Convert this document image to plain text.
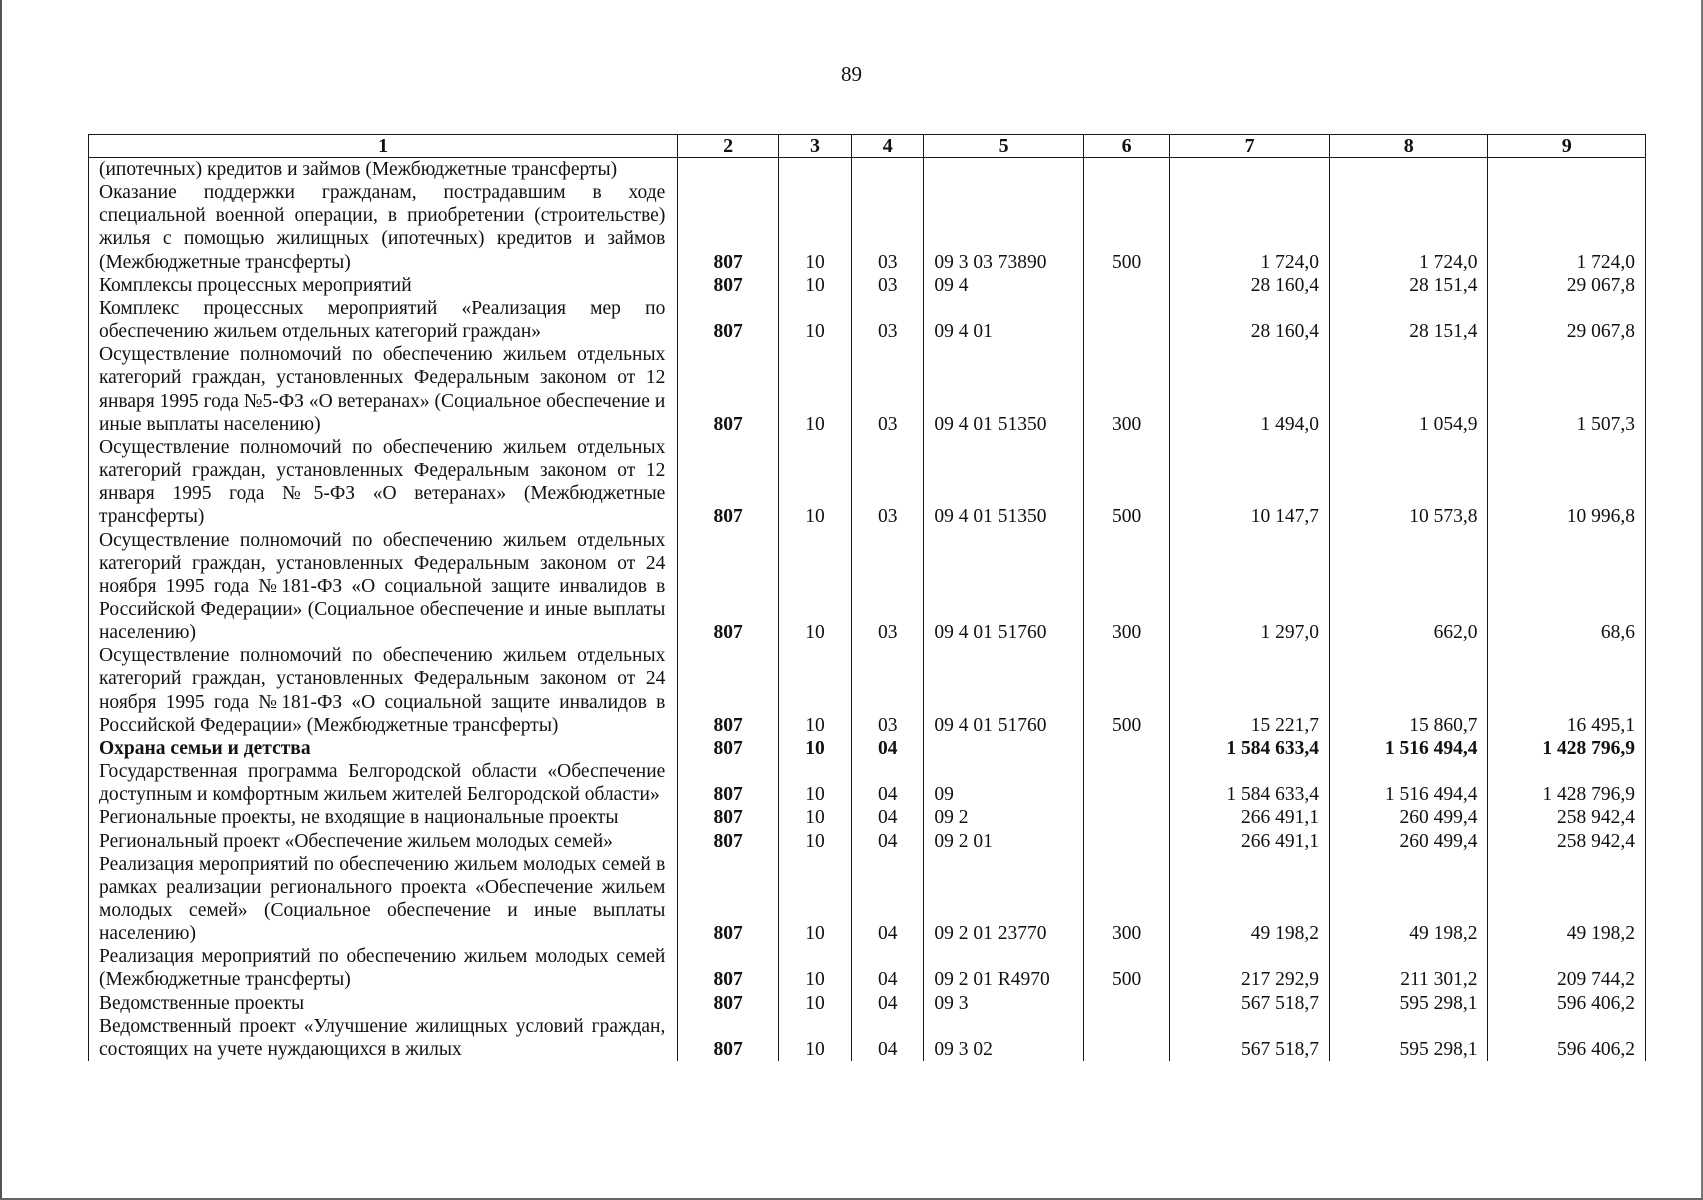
89
1	2	3	4	5	6	7	8	9
(ипотечных) кредитов и займов (Межбюджетные трансферты)								
Оказание поддержки гражданам, пострадавшим в ходе специальной военной операции, в приобретении (строительстве) жилья с помощью жилищных (ипотечных) кредитов и займов (Межбюджетные трансферты)	807	10	03	09 3 03 73890	500	1 724,0	1 724,0	1 724,0
Комплексы процессных мероприятий	807	10	03	09 4		28 160,4	28 151,4	29 067,8
Комплекс процессных мероприятий «Реализация мер по обеспечению жильем отдельных категорий граждан»	807	10	03	09 4 01		28 160,4	28 151,4	29 067,8
Осуществление полномочий по обеспечению жильем отдельных категорий граждан, установленных Федеральным законом от 12 января 1995 года №5-ФЗ «О ветеранах» (Социальное обеспечение и иные выплаты населению)	807	10	03	09 4 01 51350	300	1 494,0	1 054,9	1 507,3
Осуществление полномочий по обеспечению жильем отдельных категорий граждан, установленных Федеральным законом от 12 января 1995 года №5-ФЗ «О ветеранах» (Межбюджетные трансферты)	807	10	03	09 4 01 51350	500	10 147,7	10 573,8	10 996,8
Осуществление полномочий по обеспечению жильем отдельных категорий граждан, установленных Федеральным законом от 24 ноября 1995 года №181-ФЗ «О социальной защите инвалидов в Российской Федерации» (Социальное обеспечение и иные выплаты населению)	807	10	03	09 4 01 51760	300	1 297,0	662,0	68,6
Осуществление полномочий по обеспечению жильем отдельных категорий граждан, установленных Федеральным законом от 24 ноября 1995 года №181-ФЗ «О социальной защите инвалидов в Российской Федерации» (Межбюджетные трансферты)	807	10	03	09 4 01 51760	500	15 221,7	15 860,7	16 495,1
Охрана семьи и детства	807	10	04			1 584 633,4	1 516 494,4	1 428 796,9
Государственная программа Белгородской области «Обеспечение доступным и комфортным жильем жителей Белгородской области»	807	10	04	09		1 584 633,4	1 516 494,4	1 428 796,9
Региональные проекты, не входящие в национальные проекты	807	10	04	09 2		266 491,1	260 499,4	258 942,4
Региональный проект «Обеспечение жильем молодых семей»	807	10	04	09 2 01		266 491,1	260 499,4	258 942,4
Реализация мероприятий по обеспечению жильем молодых семей в рамках реализации регионального проекта «Обеспечение жильем молодых семей» (Социальное обеспечение и иные выплаты населению)	807	10	04	09 2 01 23770	300	49 198,2	49 198,2	49 198,2
Реализация мероприятий по обеспечению жильем молодых семей (Межбюджетные трансферты)	807	10	04	09 2 01 R4970	500	217 292,9	211 301,2	209 744,2
Ведомственные проекты	807	10	04	09 3		567 518,7	595 298,1	596 406,2
Ведомственный проект «Улучшение жилищных условий граждан, состоящих на учете нуждающихся в жилых	807	10	04	09 3 02		567 518,7	595 298,1	596 406,2
